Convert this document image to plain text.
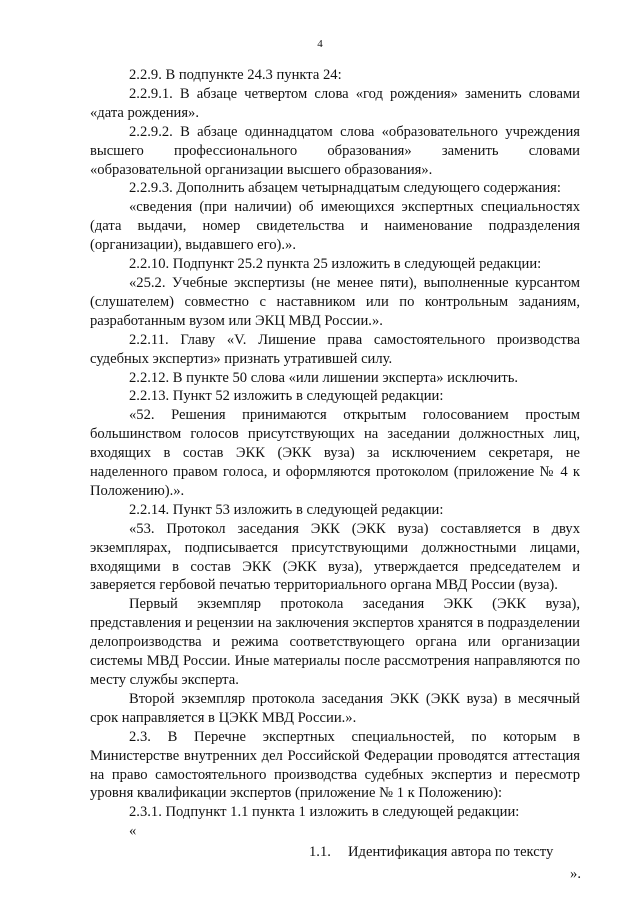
4

2.2.9. В подпункте 24.3 пункта 24:

2.2.9.1. В абзаце четвертом слова «год рождения» заменить словами «дата рождения».

2.2.9.2. В абзаце одиннадцатом слова «образовательного учреждения высшего профессионального образования» заменить словами «образовательной организации высшего образования».

2.2.9.3. Дополнить абзацем четырнадцатым следующего содержания:

«сведения (при наличии) об имеющихся экспертных специальностях (дата выдачи, номер свидетельства и наименование подразделения (организации), выдавшего его).».

2.2.10. Подпункт 25.2 пункта 25 изложить в следующей редакции:

«25.2. Учебные экспертизы (не менее пяти), выполненные курсантом (слушателем) совместно с наставником или по контрольным заданиям, разработанным вузом или ЭКЦ МВД России.».

2.2.11. Главу «V. Лишение права самостоятельного производства судебных экспертиз» признать утратившей силу.

2.2.12. В пункте 50 слова «или лишении эксперта» исключить.

2.2.13. Пункт 52 изложить в следующей редакции:

«52. Решения принимаются открытым голосованием простым большинством голосов присутствующих на заседании должностных лиц, входящих в состав ЭКК (ЭКК вуза) за исключением секретаря, не наделенного правом голоса, и оформляются протоколом (приложение № 4 к Положению).».

2.2.14. Пункт 53 изложить в следующей редакции:

«53. Протокол заседания ЭКК (ЭКК вуза) составляется в двух экземплярах, подписывается присутствующими должностными лицами, входящими в состав ЭКК (ЭКК вуза), утверждается председателем и заверяется гербовой печатью территориального органа МВД России (вуза).

Первый экземпляр протокола заседания ЭКК (ЭКК вуза), представления и рецензии на заключения экспертов хранятся в подразделении делопроизводства и режима соответствующего органа или организации системы МВД России. Иные материалы после рассмотрения направляются по месту службы эксперта.

Второй экземпляр протокола заседания ЭКК (ЭКК вуза) в месячный срок направляется в ЦЭКК МВД России.».

2.3. В Перечне экспертных специальностей, по которым в Министерстве внутренних дел Российской Федерации проводятся аттестация на право самостоятельного производства судебных экспертиз и пересмотр уровня квалификации экспертов (приложение № 1 к Положению):

2.3.1. Подпункт 1.1 пункта 1 изложить в следующей редакции:

«

1.1. Идентификация автора по тексту
».
